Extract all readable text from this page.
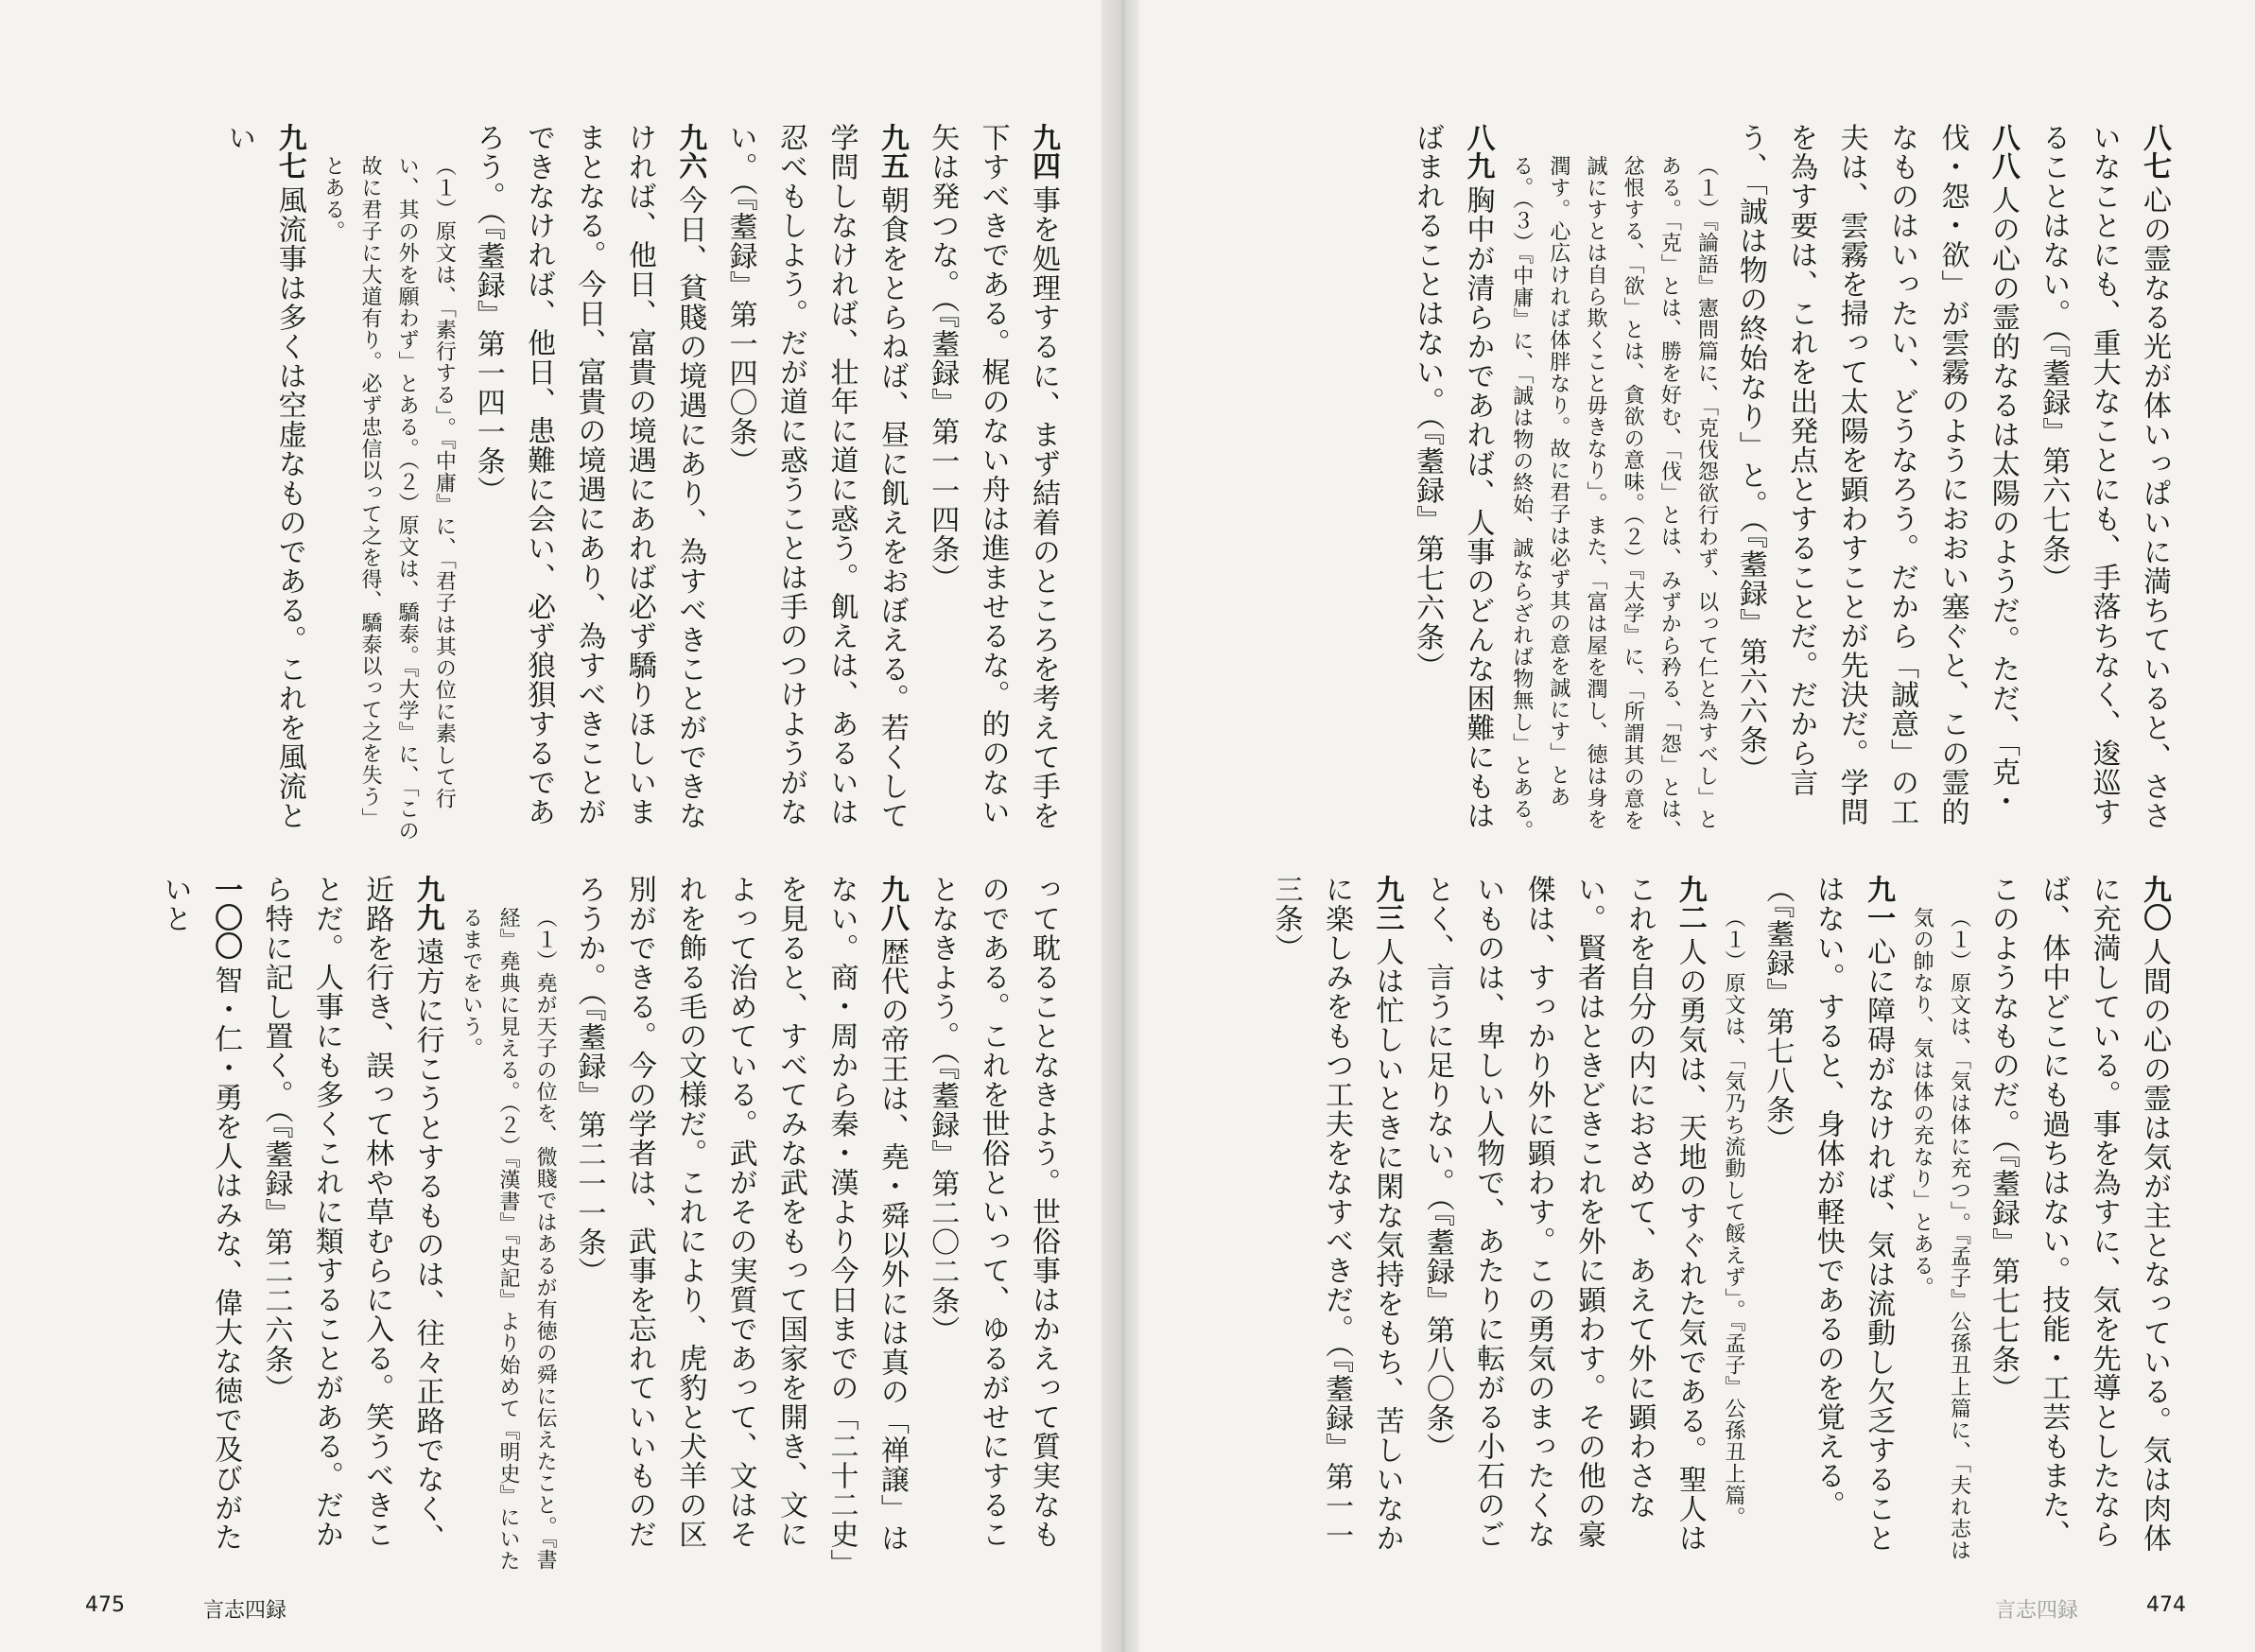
九四事を処理するに、まず結着のところを考えて手を下すべきである。梶のない舟は進ませるな。的のない矢は発つな。（『耋録』第一一四条）
九五朝食をとらねば、昼に飢えをおぼえる。若くして学問しなければ、壮年に道に惑う。飢えは、あるいは忍べもしよう。だが道に惑うことは手のつけようがない。（『耋録』第一四〇条）
九六今日、貧賤の境遇にあり、為すべきことができなければ、他日、富貴の境遇にあれば必ず驕りほしいままとなる。今日、富貴の境遇にあり、為すべきことができなければ、他日、患難に会い、必ず狼狽するであろう。（『耋録』第一四一条）

（１）原文は、「素行する」。『中庸』に、「君子は其の位に素して行い、其の外を願わず」とある。（２）原文は、驕泰。『大学』に、「この故に君子に大道有り。必ず忠信以って之を得、驕泰以って之を失う」とある。

九七風流事は多くは空虚なものである。これを風流とい
って耽ることなきよう。世俗事はかえって質実なものである。これを世俗といって、ゆるがせにすることなきよう。（『耋録』第二〇二条）
九八歴代の帝王は、堯・舜以外には真の「禅譲」はない。商・周から秦・漢より今日までの「二十二史」を見ると、すべてみな武をもって国家を開き、文によって治めている。武がその実質であって、文はそれを飾る毛の文様だ。これにより、虎豹と犬羊の区別ができる。今の学者は、武事を忘れていいものだろうか。（『耋録』第二一一条）

（１）堯が天子の位を、微賤ではあるが有徳の舜に伝えたこと。『書経』堯典に見える。（２）『漢書』『史記』より始めて『明史』にいたるまでをいう。

九九遠方に行こうとするものは、往々正路でなく、近路を行き、誤って林や草むらに入る。笑うべきことだ。人事にも多くこれに類することがある。だから特に記し置く。（『耋録』第二二六条）
一〇〇智・仁・勇を人はみな、偉大な徳で及びがたいと
475	言志四録
八七心の霊なる光が体いっぱいに満ちていると、ささいなことにも、重大なことにも、手落ちなく、逡巡することはない。（『耋録』第六七条）
八八人の心の霊的なるは太陽のようだ。ただ、「克・伐・怨・欲」が雲霧のようにおおい塞ぐと、この霊的なものはいったい、どうなろう。だから「誠意」の工夫は、雲霧を掃って太陽を顕わすことが先決だ。学問を為す要は、これを出発点とすることだ。だから言う、「誠は物の終始なり」と。（『耋録』第六六条）

（１）『論語』憲問篇に、「克伐怨欲行わず、以って仁と為すべし」とある。「克」とは、勝を好む、「伐」とは、みずから矜る、「怨」とは、忿恨する、「欲」とは、貪欲の意味。（２）『大学』に、「所謂其の意を誠にすとは自ら欺くこと毋きなり」。また、「富は屋を潤し、徳は身を潤す。心広ければ体胖なり。故に君子は必ず其の意を誠にす」とある。（３）『中庸』に、「誠は物の終始、誠ならざれば物無し」とある。

八九胸中が清らかであれば、人事のどんな困難にもはばまれることはない。（『耋録』第七六条）
九〇人間の心の霊は気が主となっている。気は肉体に充満している。事を為すに、気を先導としたならば、体中どこにも過ちはない。技能・工芸もまた、このようなものだ。（『耋録』第七七条）

（１）原文は、「気は体に充つ」。『孟子』公孫丑上篇に、「夫れ志は気の帥なり、気は体の充なり」とある。

九一心に障碍がなければ、気は流動し欠乏することはない。すると、身体が軽快であるのを覚える。（『耋録』第七八条）

（１）原文は、「気乃ち流動して餒えず」。『孟子』公孫丑上篇。

九二人の勇気は、天地のすぐれた気である。聖人はこれを自分の内におさめて、あえて外に顕わさない。賢者はときどきこれを外に顕わす。その他の豪傑は、すっかり外に顕わす。この勇気のまったくないものは、卑しい人物で、あたりに転がる小石のごとく、言うに足りない。（『耋録』第八〇条）
九三人は忙しいときに閑な気持をもち、苦しいなかに楽しみをもつ工夫をなすべきだ。（『耋録』第一一三条）
言志四録	474
